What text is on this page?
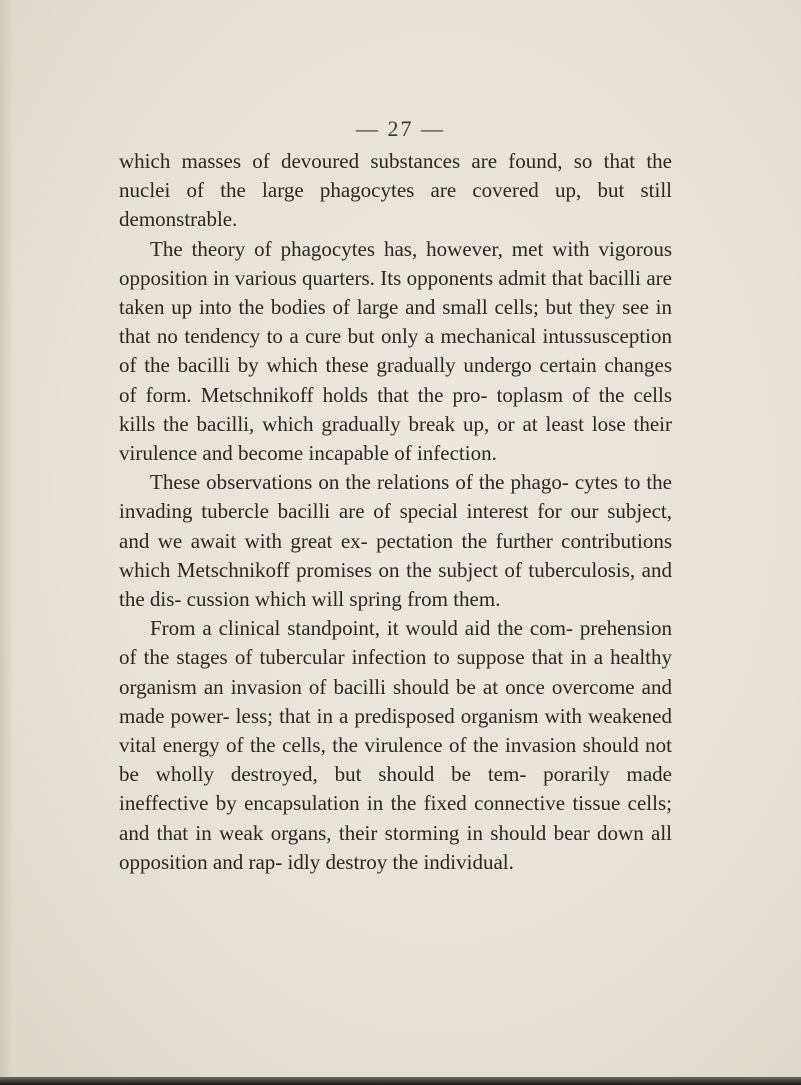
— 27 —

which masses of devoured substances are found, so that the nuclei of the large phagocytes are covered up, but still demonstrable.

The theory of phagocytes has, however, met with vigorous opposition in various quarters. Its opponents admit that bacilli are taken up into the bodies of large and small cells; but they see in that no tendency to a cure but only a mechanical intussusception of the bacilli by which these gradually undergo certain changes of form. Metschnikoff holds that the pro- toplasm of the cells kills the bacilli, which gradually break up, or at least lose their virulence and become incapable of infection.

These observations on the relations of the phago- cytes to the invading tubercle bacilli are of special interest for our subject, and we await with great ex- pectation the further contributions which Metschnikoff promises on the subject of tuberculosis, and the dis- cussion which will spring from them.

From a clinical standpoint, it would aid the com- prehension of the stages of tubercular infection to suppose that in a healthy organism an invasion of bacilli should be at once overcome and made power- less; that in a predisposed organism with weakened vital energy of the cells, the virulence of the invasion should not be wholly destroyed, but should be tem- porarily made ineffective by encapsulation in the fixed connective tissue cells; and that in weak organs, their storming in should bear down all opposition and rap- idly destroy the individual.
